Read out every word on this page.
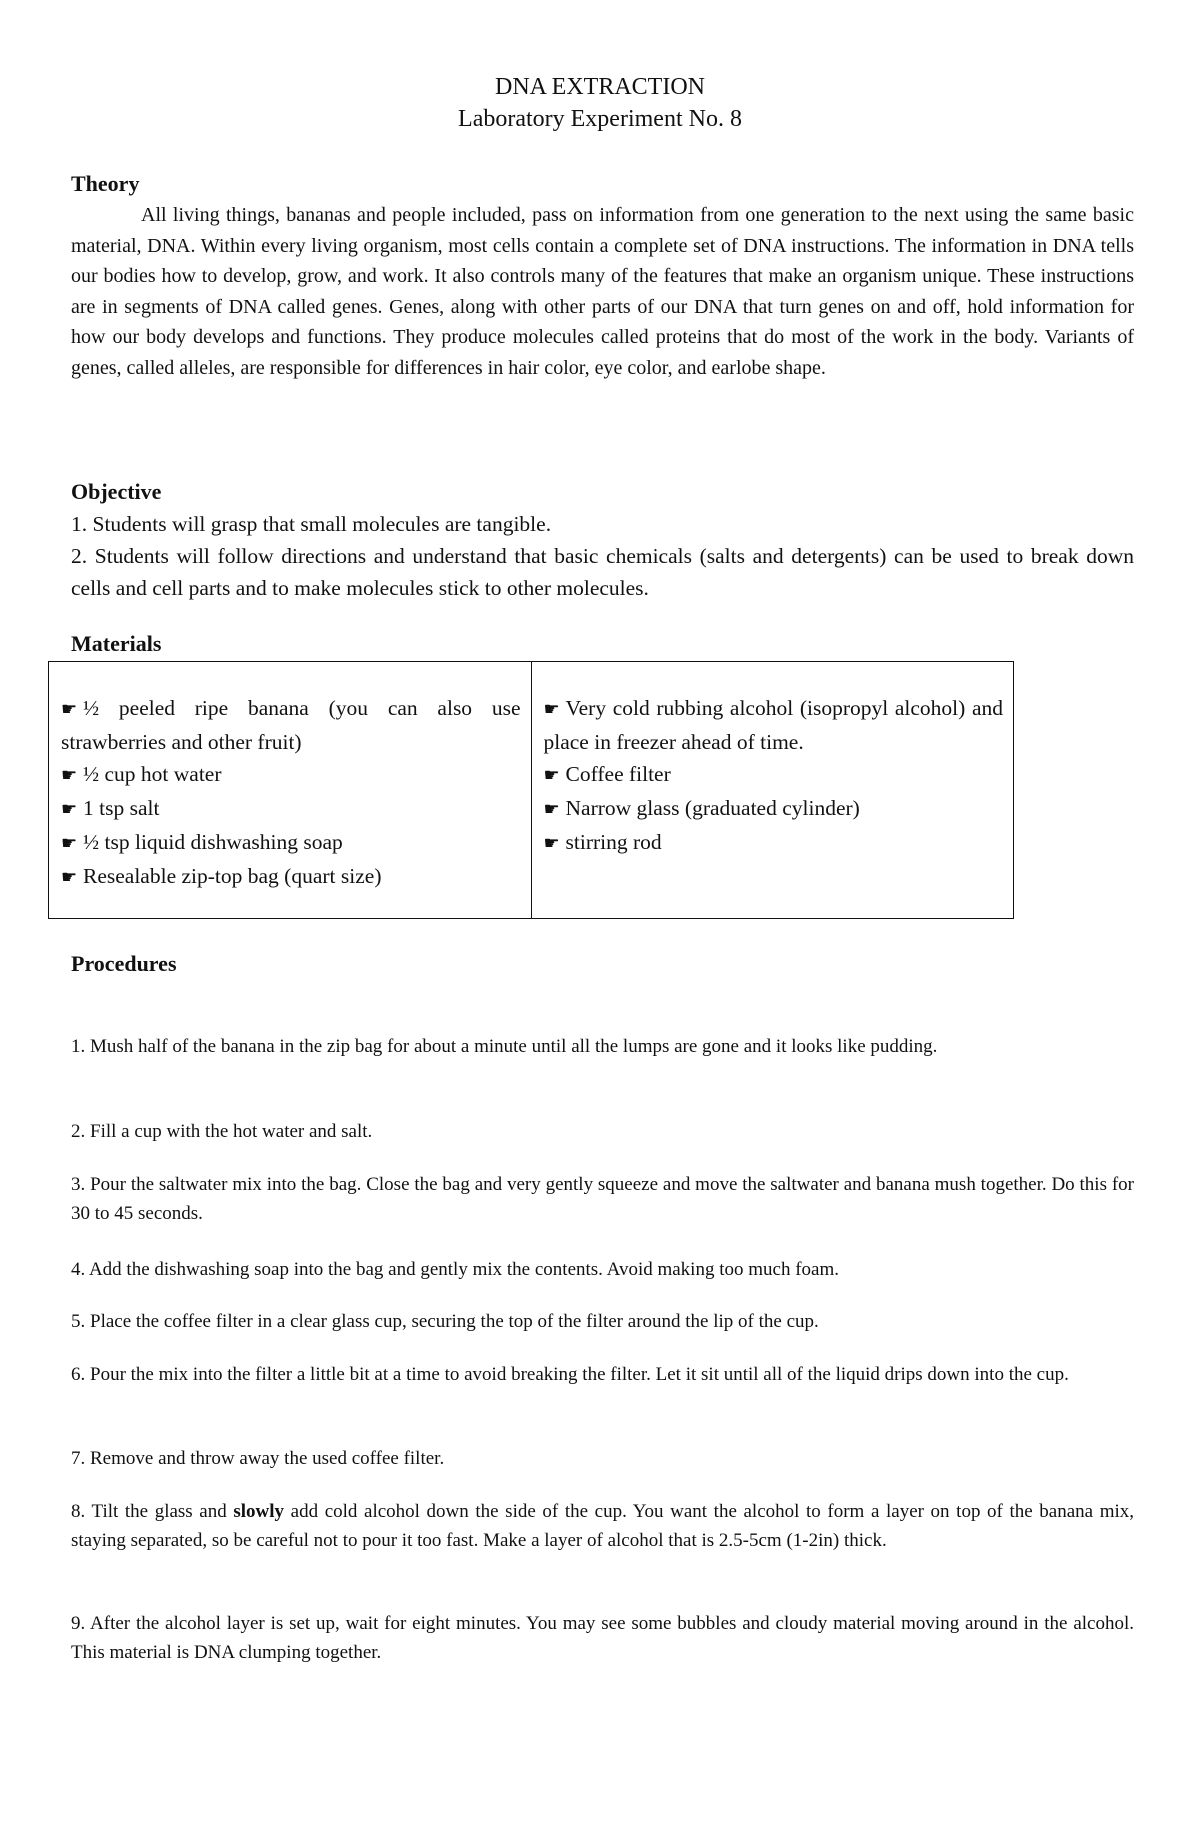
DNA EXTRACTION
Laboratory Experiment No. 8
Theory

All living things, bananas and people included, pass on information from one generation to the next using the same basic material, DNA. Within every living organism, most cells contain a complete set of DNA instructions. The information in DNA tells our bodies how to develop, grow, and work. It also controls many of the features that make an organism unique. These instructions are in segments of DNA called genes. Genes, along with other parts of our DNA that turn genes on and off, hold information for how our body develops and functions. They produce molecules called proteins that do most of the work in the body. Variants of genes, called alleles, are responsible for differences in hair color, eye color, and earlobe shape.

Objective

1. Students will grasp that small molecules are tangible.

2. Students will follow directions and understand that basic chemicals (salts and detergents) can be used to break down cells and cell parts and to make molecules stick to other molecules.

Materials
☛ ½ peeled ripe banana (you can also use strawberries and other fruit)
☛ ½ cup hot water
☛ 1 tsp salt
☛ ½ tsp liquid dishwashing soap
☛ Resealable zip-top bag (quart size)

☛ Very cold rubbing alcohol (isopropyl alcohol) and place in freezer ahead of time.
☛ Coffee filter
☛ Narrow glass (graduated cylinder)
☛ stirring rod
Procedures

1. Mush half of the banana in the zip bag for about a minute until all the lumps are gone and it looks like pudding.

2. Fill a cup with the hot water and salt.

3. Pour the saltwater mix into the bag. Close the bag and very gently squeeze and move the saltwater and banana mush together. Do this for 30 to 45 seconds.

4. Add the dishwashing soap into the bag and gently mix the contents. Avoid making too much foam.

5. Place the coffee filter in a clear glass cup, securing the top of the filter around the lip of the cup.

6. Pour the mix into the filter a little bit at a time to avoid breaking the filter. Let it sit until all of the liquid drips down into the cup.

7. Remove and throw away the used coffee filter.

8. Tilt the glass and slowly add cold alcohol down the side of the cup. You want the alcohol to form a layer on top of the banana mix, staying separated, so be careful not to pour it too fast. Make a layer of alcohol that is 2.5-5cm (1-2in) thick.

9. After the alcohol layer is set up, wait for eight minutes. You may see some bubbles and cloudy material moving around in the alcohol. This material is DNA clumping together.
